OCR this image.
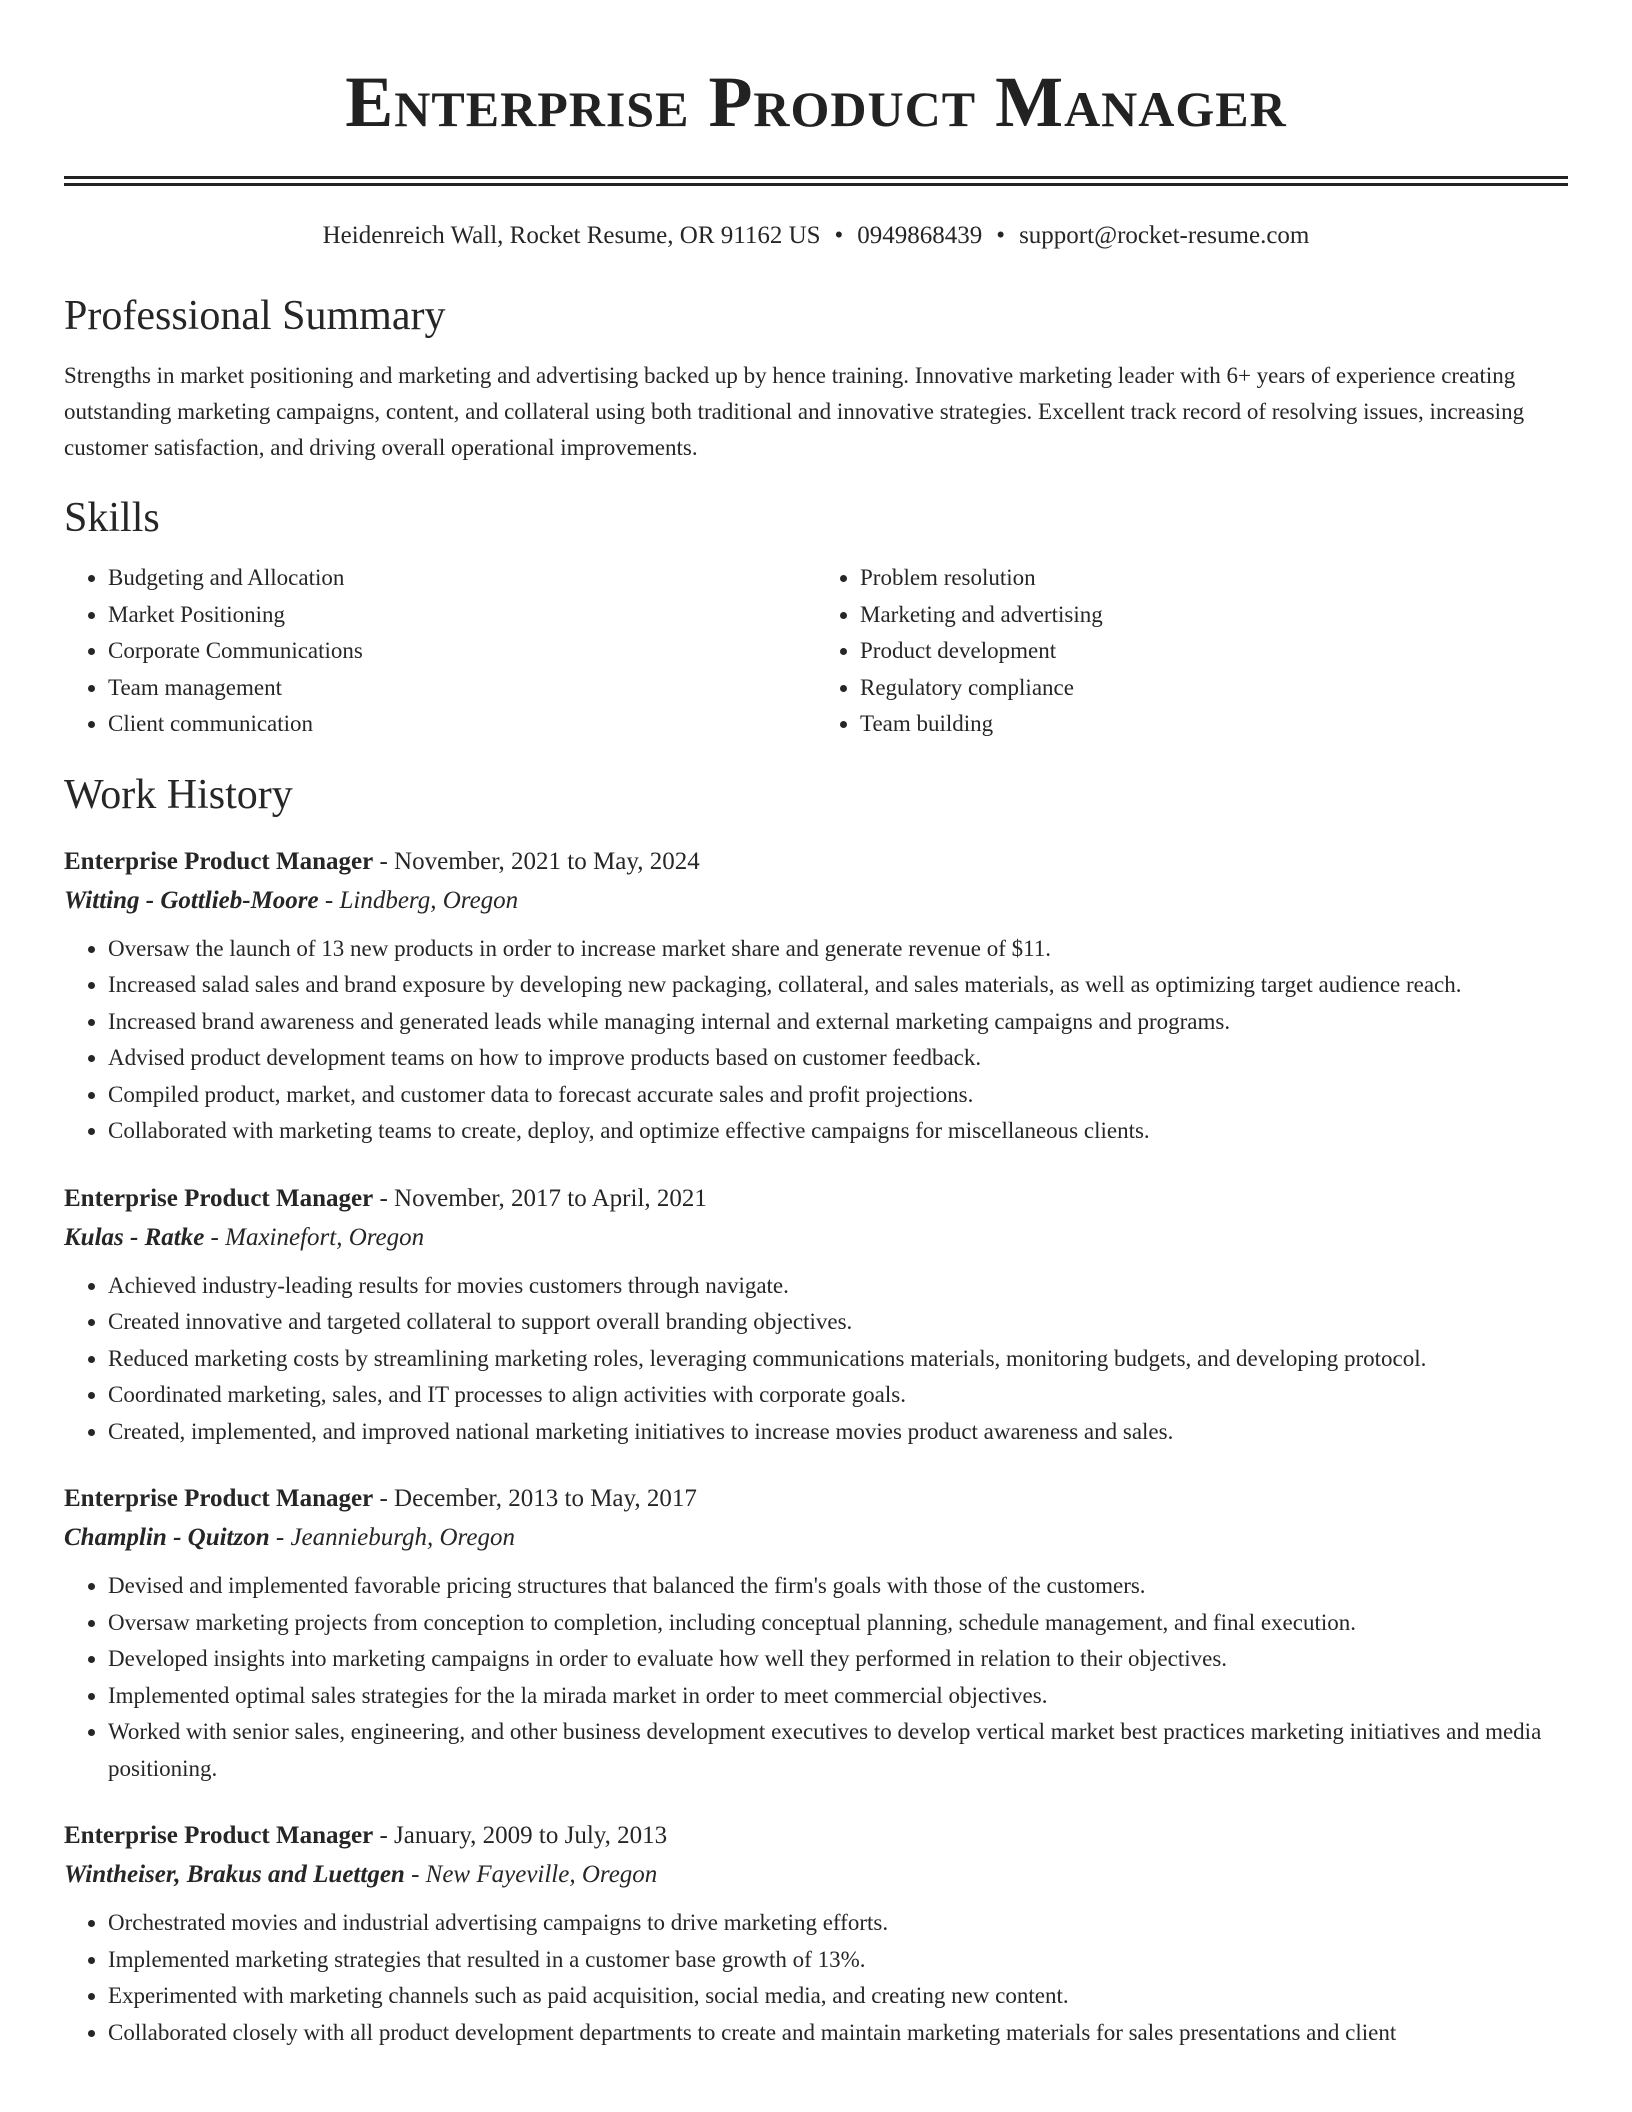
Enterprise Product Manager
Heidenreich Wall, Rocket Resume, OR 91162 US • 0949868439 • support@rocket-resume.com
Professional Summary

Strengths in market positioning and marketing and advertising backed up by hence training. Innovative marketing leader with 6+ years of experience creating outstanding marketing campaigns, content, and collateral using both traditional and innovative strategies. Excellent track record of resolving issues, increasing customer satisfaction, and driving overall operational improvements.

Skills
• Budgeting and Allocation
• Market Positioning
• Corporate Communications
• Team management
• Client communication
• Problem resolution
• Marketing and advertising
• Product development
• Regulatory compliance
• Team building
Work History
Enterprise Product Manager - November, 2021 to May, 2024
Witting - Gottlieb-Moore - Lindberg, Oregon
• Oversaw the launch of 13 new products in order to increase market share and generate revenue of $11.
• Increased salad sales and brand exposure by developing new packaging, collateral, and sales materials, as well as optimizing target audience reach.
• Increased brand awareness and generated leads while managing internal and external marketing campaigns and programs.
• Advised product development teams on how to improve products based on customer feedback.
• Compiled product, market, and customer data to forecast accurate sales and profit projections.
• Collaborated with marketing teams to create, deploy, and optimize effective campaigns for miscellaneous clients.
Enterprise Product Manager - November, 2017 to April, 2021
Kulas - Ratke - Maxinefort, Oregon
• Achieved industry-leading results for movies customers through navigate.
• Created innovative and targeted collateral to support overall branding objectives.
• Reduced marketing costs by streamlining marketing roles, leveraging communications materials, monitoring budgets, and developing protocol.
• Coordinated marketing, sales, and IT processes to align activities with corporate goals.
• Created, implemented, and improved national marketing initiatives to increase movies product awareness and sales.
Enterprise Product Manager - December, 2013 to May, 2017
Champlin - Quitzon - Jeannieburgh, Oregon
• Devised and implemented favorable pricing structures that balanced the firm's goals with those of the customers.
• Oversaw marketing projects from conception to completion, including conceptual planning, schedule management, and final execution.
• Developed insights into marketing campaigns in order to evaluate how well they performed in relation to their objectives.
• Implemented optimal sales strategies for the la mirada market in order to meet commercial objectives.
• Worked with senior sales, engineering, and other business development executives to develop vertical market best practices marketing initiatives and media positioning.
Enterprise Product Manager - January, 2009 to July, 2013
Wintheiser, Brakus and Luettgen - New Fayeville, Oregon
• Orchestrated movies and industrial advertising campaigns to drive marketing efforts.
• Implemented marketing strategies that resulted in a customer base growth of 13%.
• Experimented with marketing channels such as paid acquisition, social media, and creating new content.
• Collaborated closely with all product development departments to create and maintain marketing materials for sales presentations and client
